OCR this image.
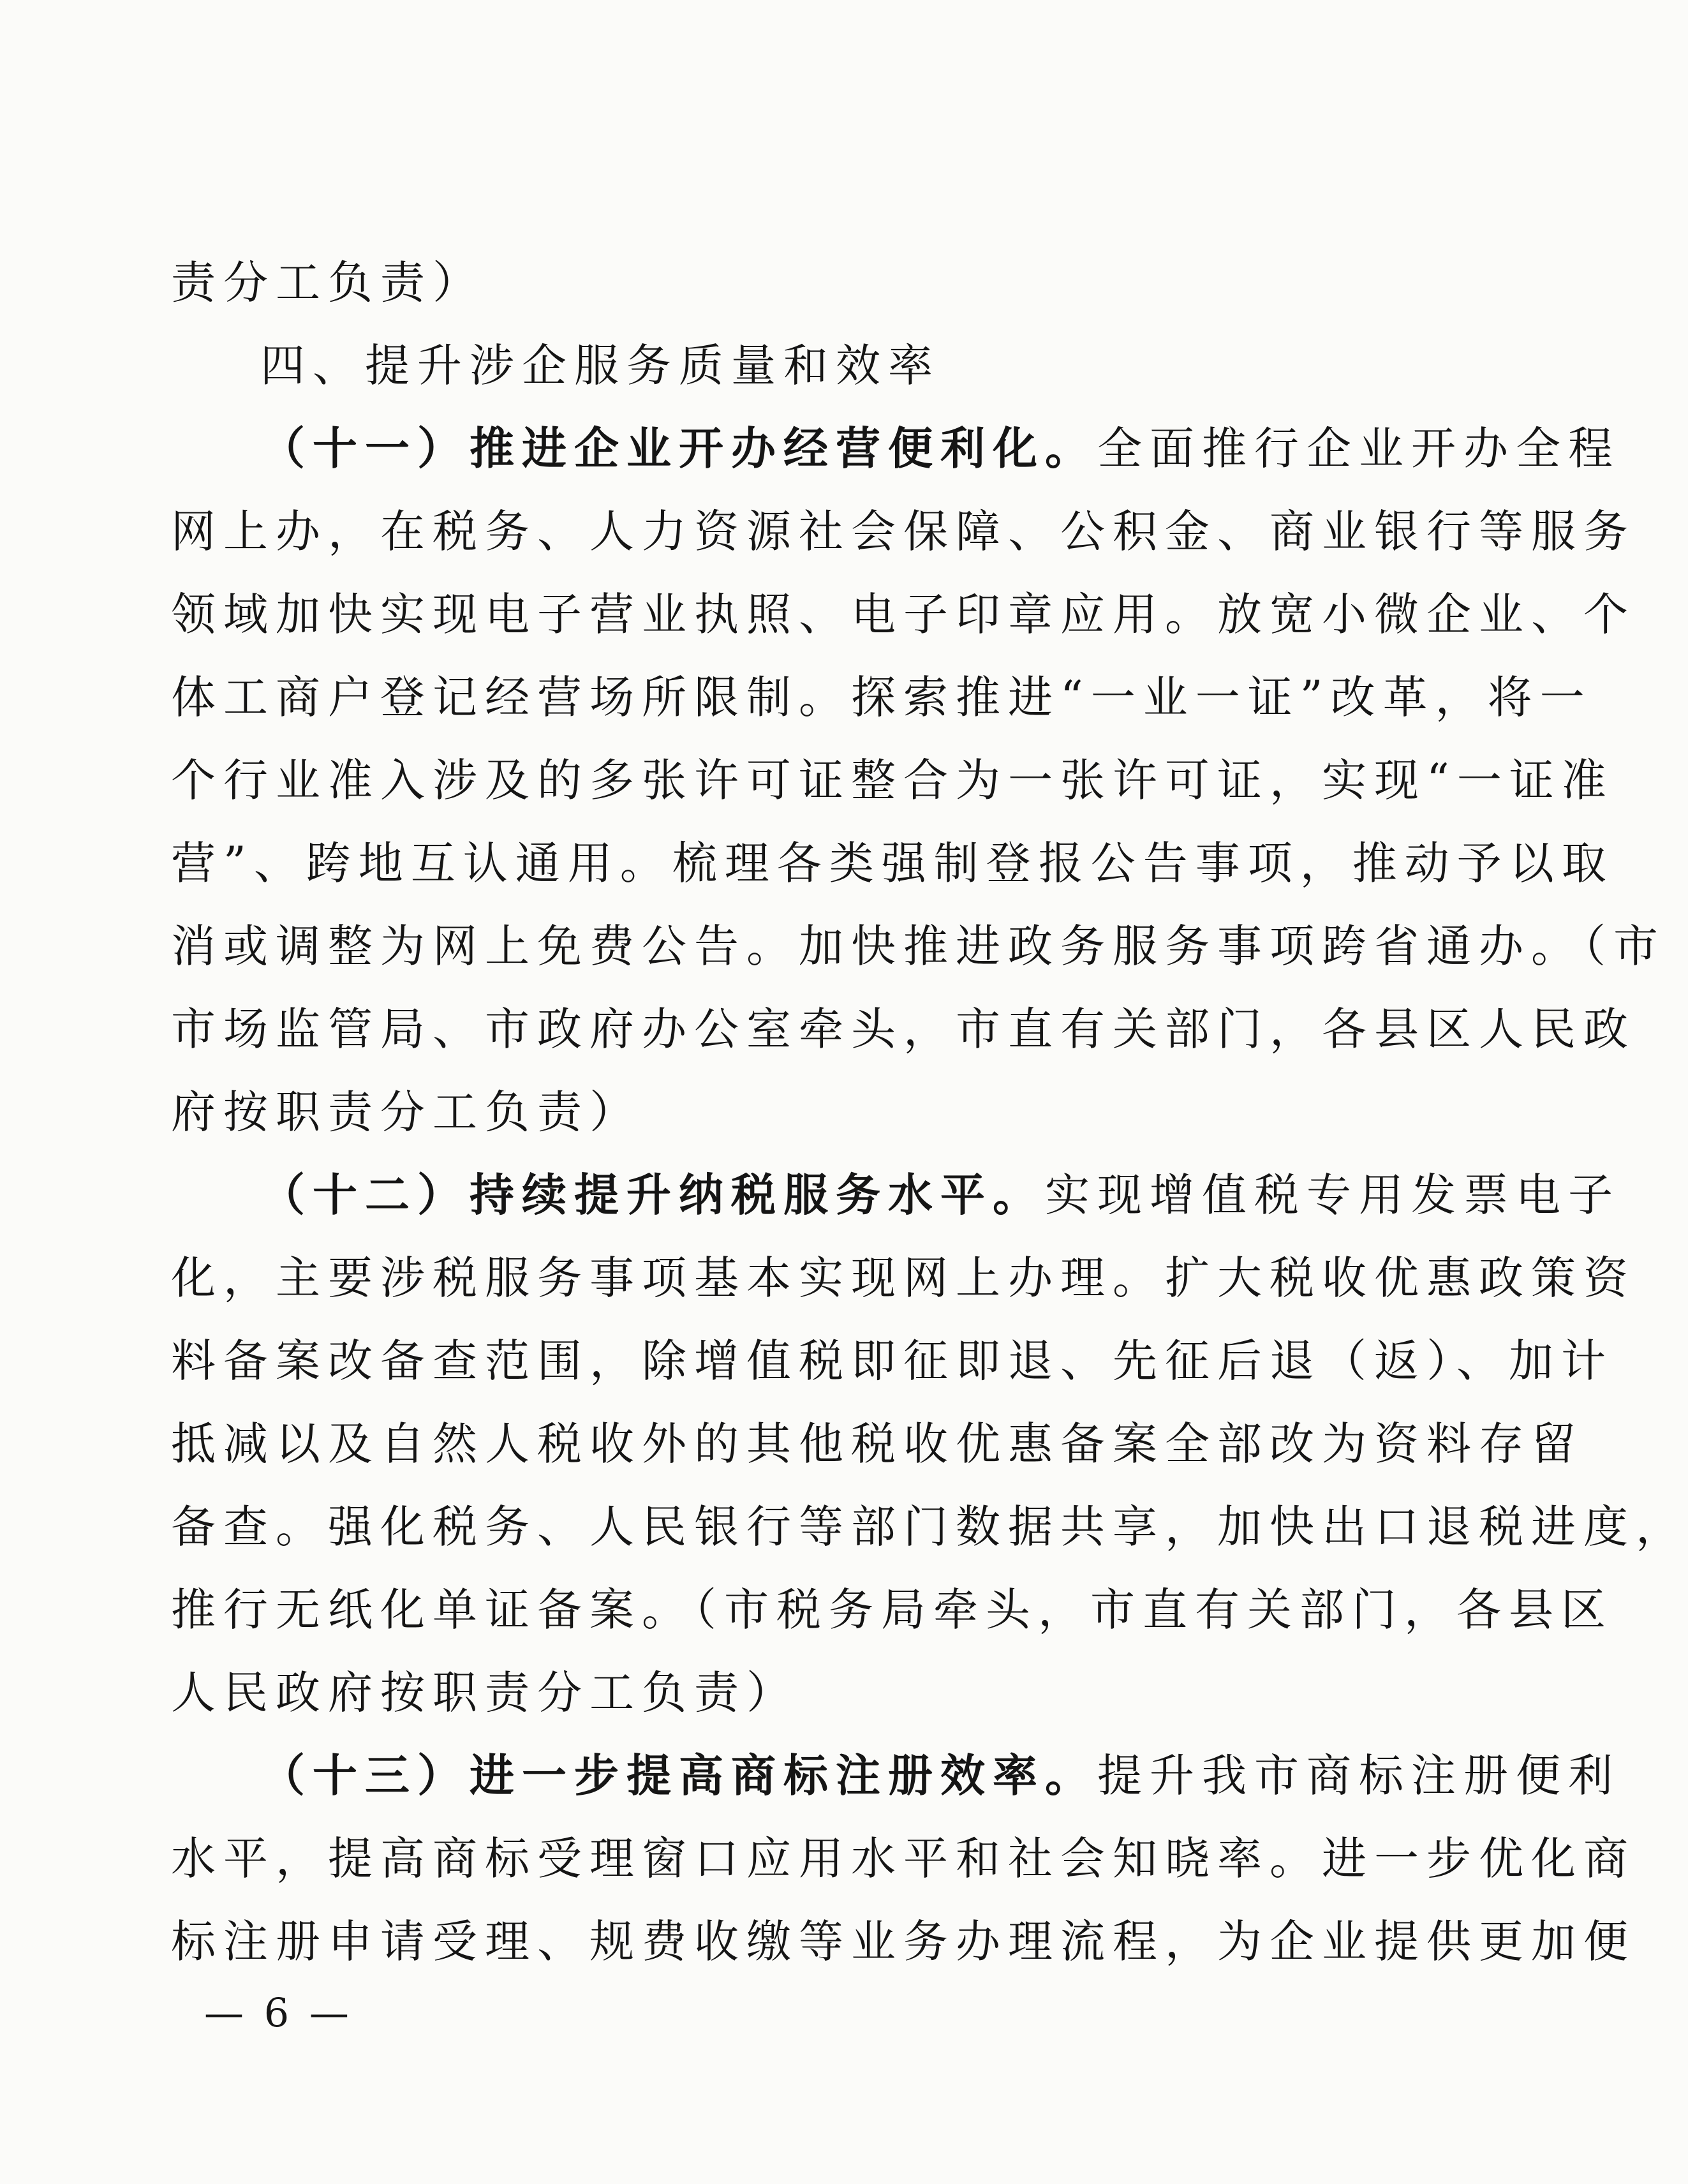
责分工负责）
四、提升涉企服务质量和效率
（十一）推进企业开办经营便利化。全面推行企业开办全程
网上办，在税务、人力资源社会保障、公积金、商业银行等服务
领域加快实现电子营业执照、电子印章应用。放宽小微企业、个
体工商户登记经营场所限制。探索推进“一业一证”改革，将一
个行业准入涉及的多张许可证整合为一张许可证，实现“一证准
营”、跨地互认通用。梳理各类强制登报公告事项，推动予以取
消或调整为网上免费公告。加快推进政务服务事项跨省通办。（市
市场监管局、市政府办公室牵头，市直有关部门，各县区人民政
府按职责分工负责）
（十二）持续提升纳税服务水平。实现增值税专用发票电子
化，主要涉税服务事项基本实现网上办理。扩大税收优惠政策资
料备案改备查范围，除增值税即征即退、先征后退（返）、加计
抵减以及自然人税收外的其他税收优惠备案全部改为资料存留
备查。强化税务、人民银行等部门数据共享，加快出口退税进度，
推行无纸化单证备案。（市税务局牵头，市直有关部门，各县区
人民政府按职责分工负责）
（十三）进一步提高商标注册效率。提升我市商标注册便利
水平，提高商标受理窗口应用水平和社会知晓率。进一步优化商
标注册申请受理、规费收缴等业务办理流程，为企业提供更加便
— 6 —
